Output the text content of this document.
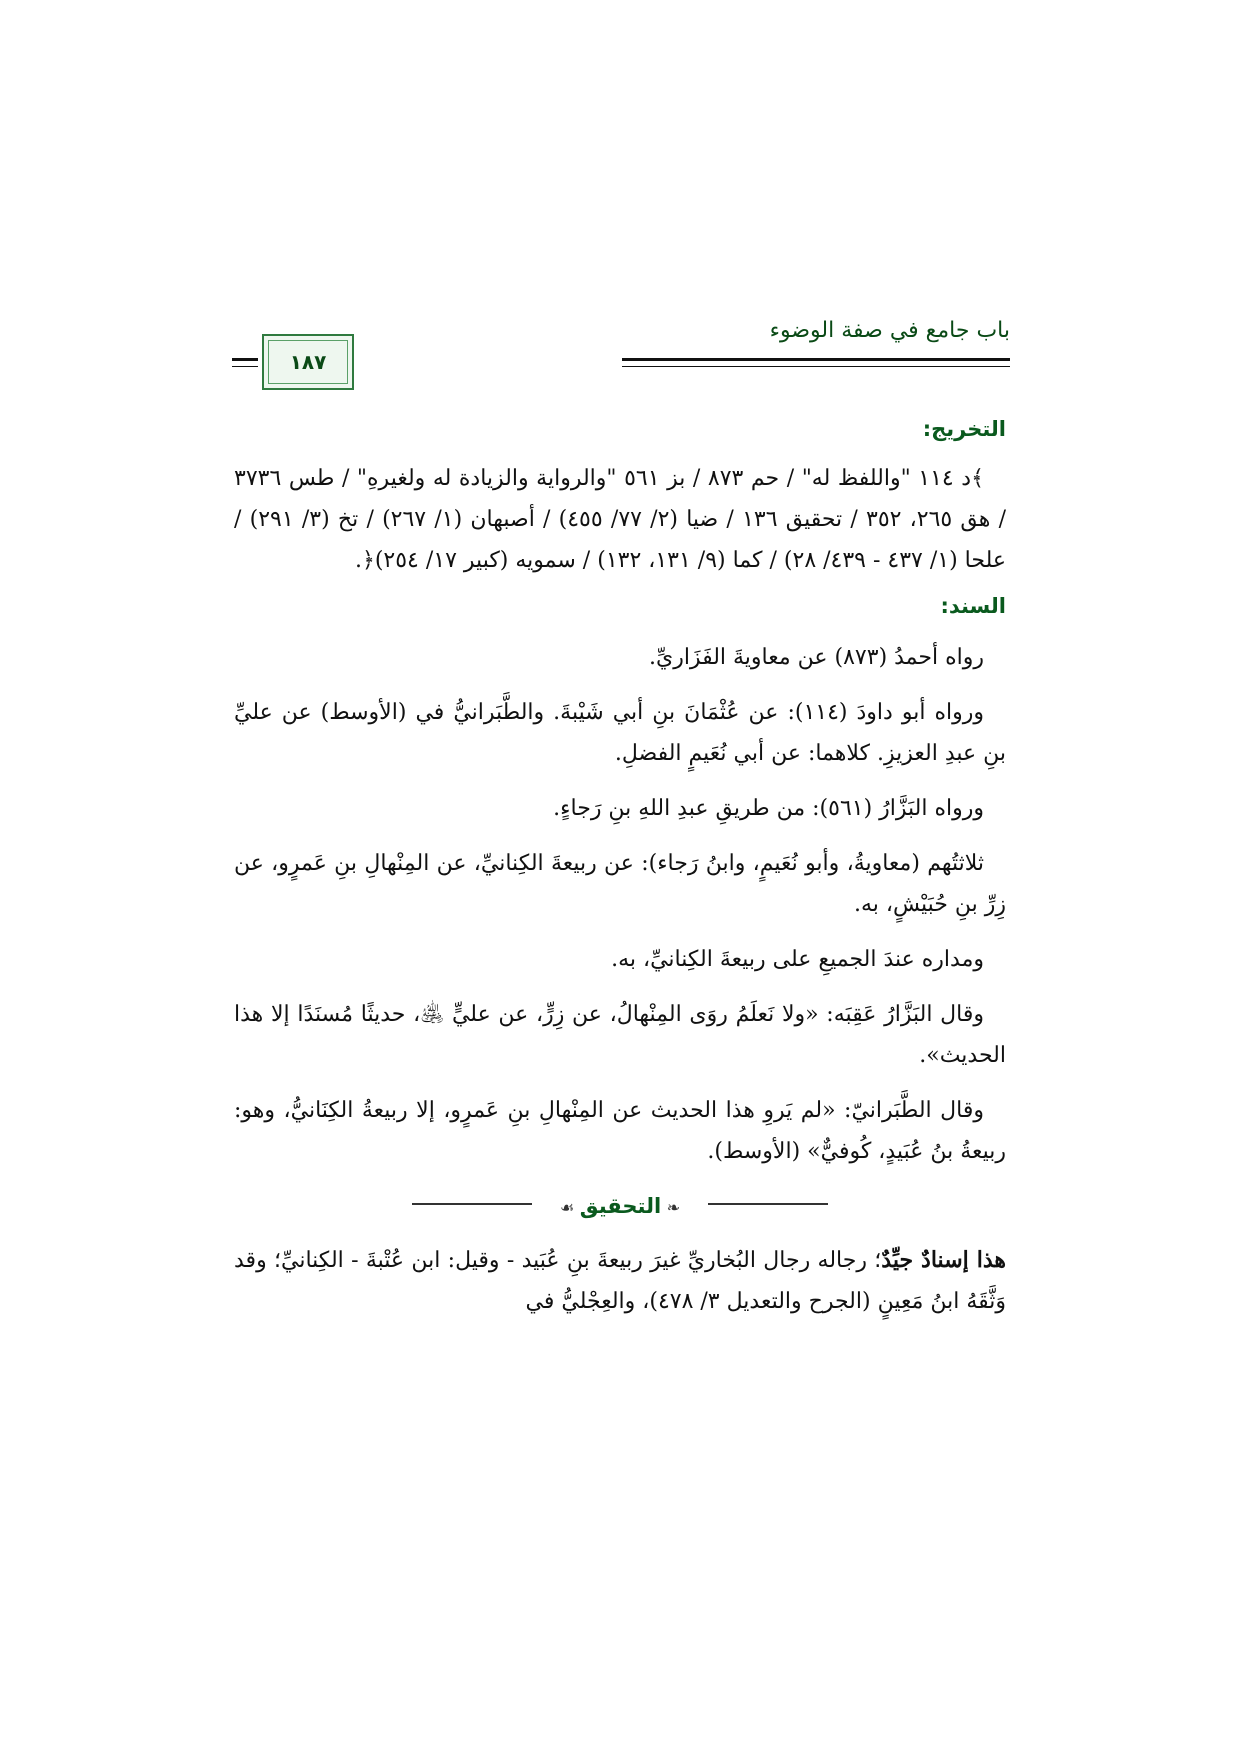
باب جامع في صفة الوضوء
١٨٧
التخريج:

﴾د ١١٤ "واللفظ له" / حم ٨٧٣ / بز ٥٦١ "والرواية والزيادة له ولغيرهِ" / طس ٣٧٣٦ / هق ٢٦٥، ٣٥٢ / تحقيق ١٣٦ / ضيا (٢/ ٧٧/ ٤٥٥) / أصبهان (١/ ٢٦٧) / تخ (٣/ ٢٩١) / علحا (١/ ٤٣٧ - ٤٣٩/ ٢٨) / كما (٩/ ١٣١، ١٣٢) / سمويه (كبير ١٧/ ٢٥٤)﴿.

السند:

رواه أحمدُ (٨٧٣) عن معاويةَ الفَزَاريِّ.

ورواه أبو داودَ (١١٤): عن عُثْمَانَ بنِ أبي شَيْبةَ. والطَّبَرانيُّ في (الأوسط) عن عليِّ بنِ عبدِ العزيزِ. كلاهما: عن أبي نُعَيمٍ الفضلِ.

ورواه البَزَّارُ (٥٦١): من طريقِ عبدِ اللهِ بنِ رَجاءٍ.

ثلاثتُهم (معاويةُ، وأبو نُعَيمٍ، وابنُ رَجاء): عن ربيعةَ الكِنانيِّ، عن المِنْهالِ بنِ عَمرٍو، عن زِرِّ بنِ حُبَيْشٍ، به.

ومداره عندَ الجميعِ على ربيعةَ الكِنانيِّ، به.

وقال البَزَّارُ عَقِبَه: «ولا نَعلَمُ روَى المِنْهالُ، عن زِرٍّ، عن عليٍّ ﵁، حديثًا مُسنَدًا إلا هذا الحديث».

وقال الطَّبَرانيّ: «لم يَروِ هذا الحديث عن المِنْهالِ بنِ عَمرٍو، إلا ربيعةُ الكِنَانيُّ، وهو: ربيعةُ بنُ عُبَيدٍ، كُوفيٌّ» (الأوسط).

❧ التحقيق ☙

هذا إسنادٌ جيِّدٌ؛ رجاله رجال البُخاريِّ غيرَ ربيعةَ بنِ عُبَيد - وقيل: ابن عُتْبةَ - الكِنانيِّ؛ وقد وَثَّقَهُ ابنُ مَعِينٍ (الجرح والتعديل ٣/ ٤٧٨)، والعِجْليُّ في
